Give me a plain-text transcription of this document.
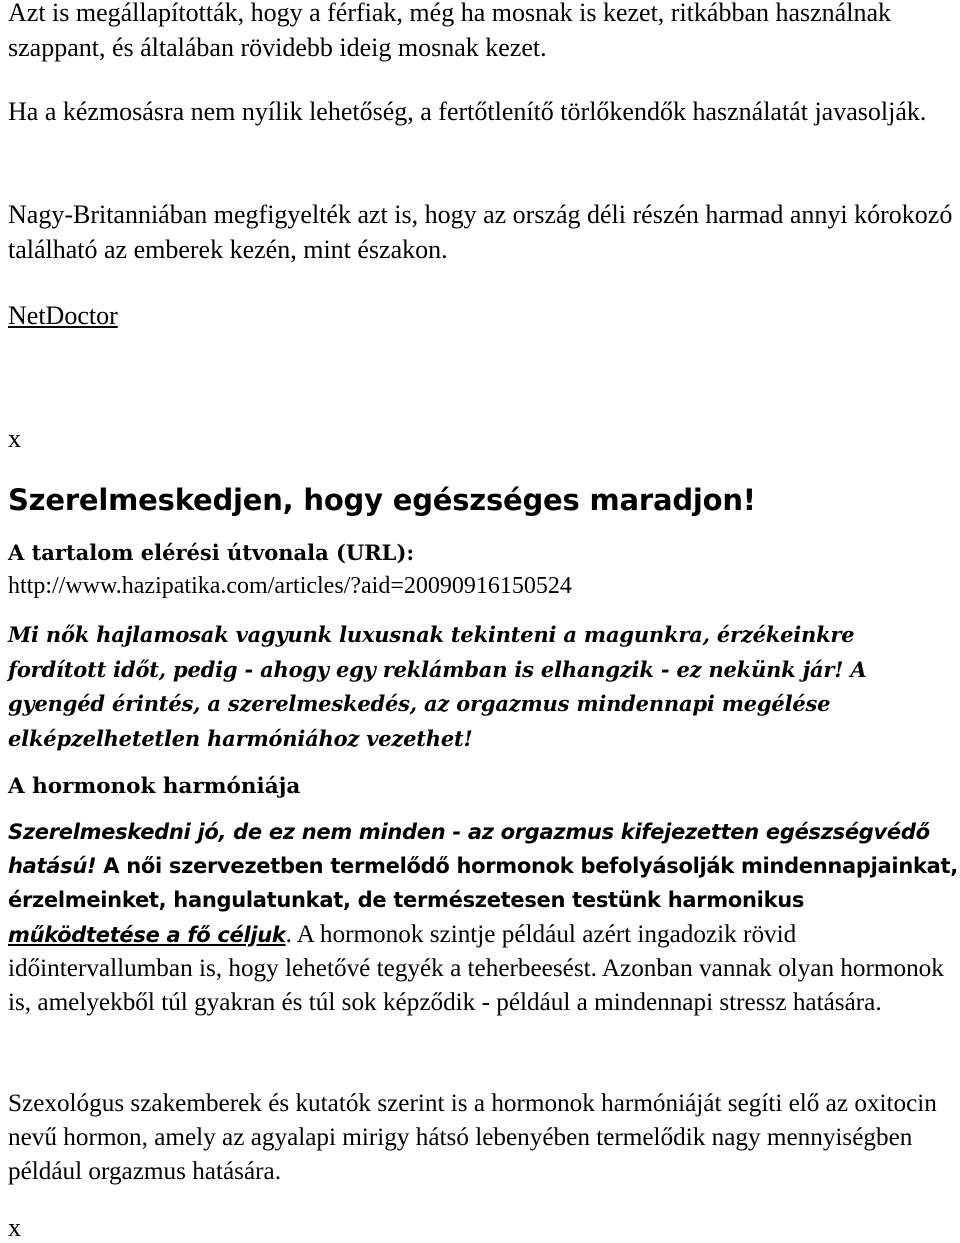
Azt is megállapították, hogy a férfiak, még ha mosnak is kezet, ritkábban használnak szappant, és általában rövidebb ideig mosnak kezet.

Ha a kézmosásra nem nyílik lehetőség, a fertőtlenítő törlőkendők használatát javasolják.

Nagy-Britanniában megfigyelték azt is, hogy az ország déli részén harmad annyi kórokozó található az emberek kezén, mint északon.

NetDoctor

x
Szerelmeskedjen, hogy egészséges maradjon!
A tartalom elérési útvonala (URL):
http://www.hazipatika.com/articles/?aid=20090916150524

Mi nők hajlamosak vagyunk luxusnak tekinteni a magunkra, érzékeinkre fordított időt, pedig - ahogy egy reklámban is elhangzik - ez nekünk jár! A gyengéd érintés, a szerelmeskedés, az orgazmus mindennapi megélése elképzelhetetlen harmóniához vezethet!

A hormonok harmóniája

Szerelmeskedni jó, de ez nem minden - az orgazmus kifejezetten egészségvédő hatású! A női szervezetben termelődő hormonok befolyásolják mindennapjainkat, érzelmeinket, hangulatunkat, de természetesen testünk harmonikus működtetése a fő céljuk. A hormonok szintje például azért ingadozik rövid időintervallumban is, hogy lehetővé tegyék a teherbeesést. Azonban vannak olyan hormonok is, amelyekből túl gyakran és túl sok képződik - például a mindennapi stressz hatására.

Szexológus szakemberek és kutatók szerint is a hormonok harmóniáját segíti elő az oxitocin nevű hormon, amely az agyalapi mirigy hátsó lebenyében termelődik nagy mennyiségben például orgazmus hatására.

x
